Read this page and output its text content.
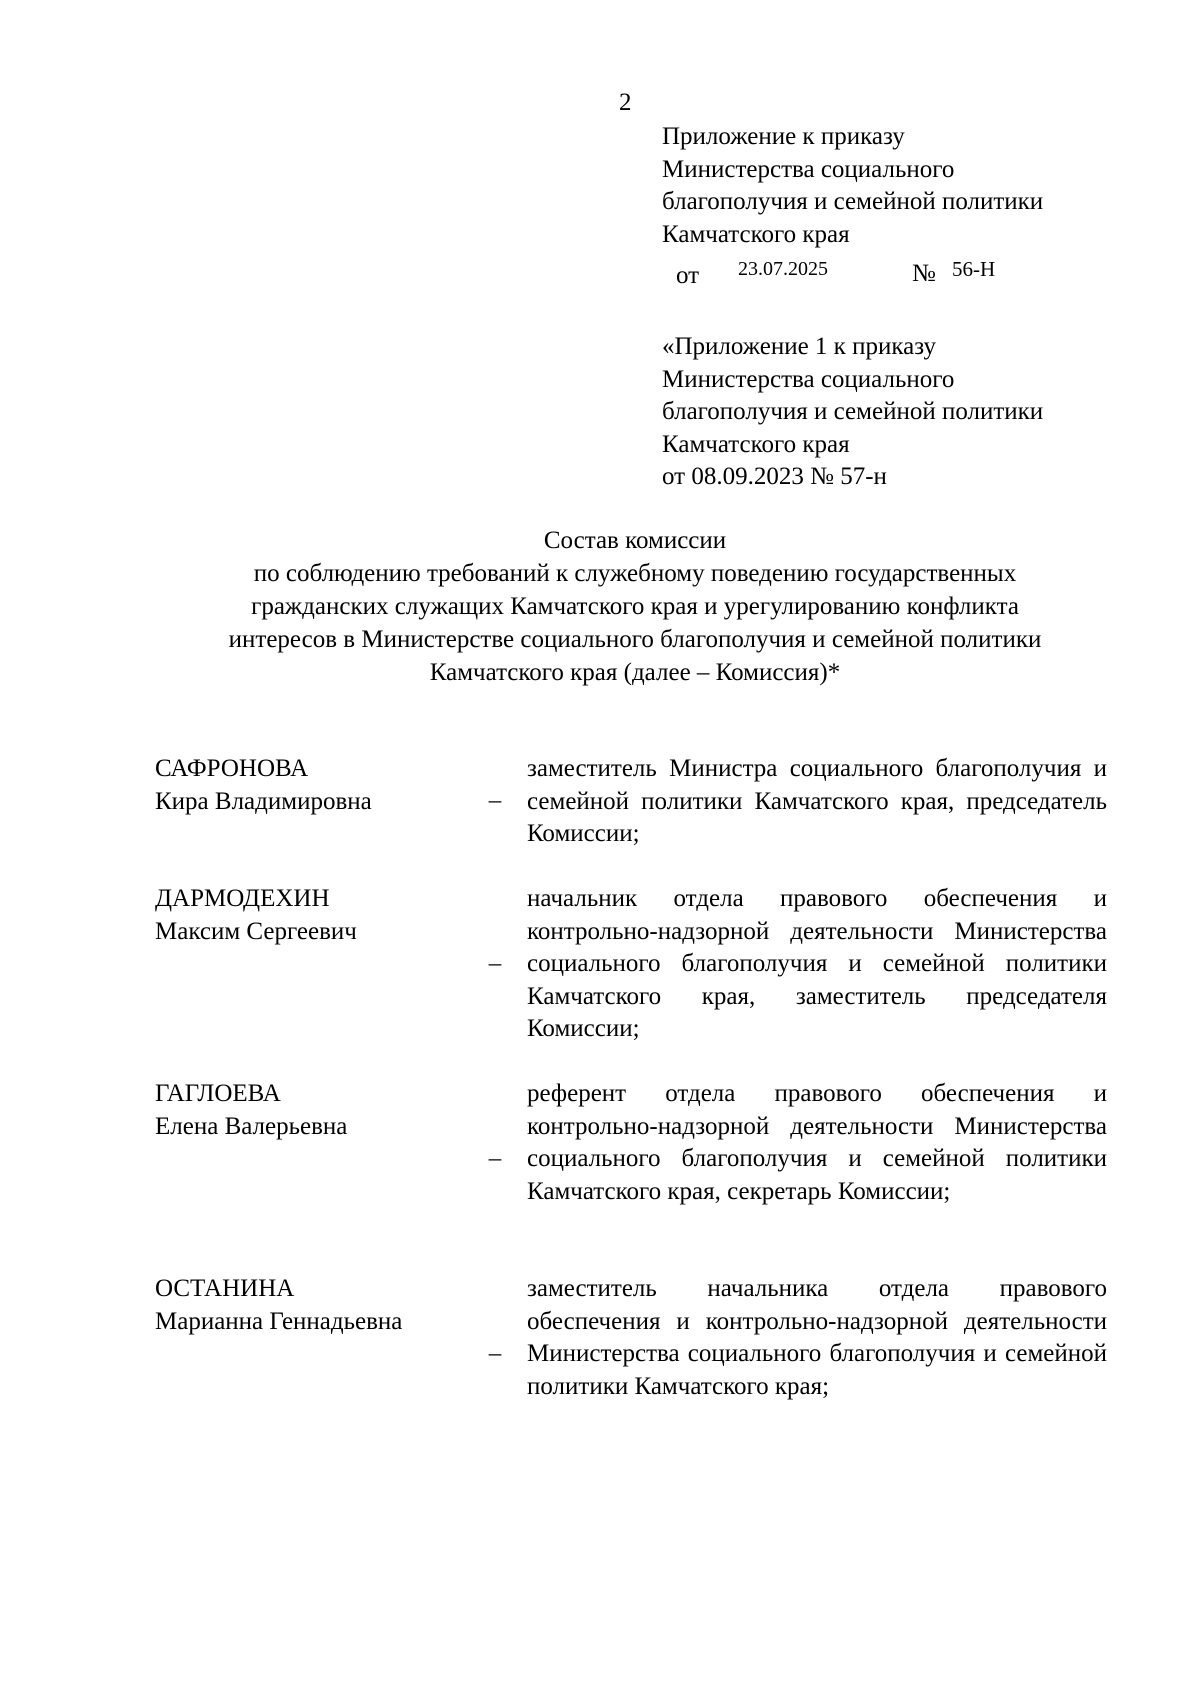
2
Приложение к приказу
Министерства социального
благополучия и семейной политики
Камчатского края
от 23.07.2025	№ 56-Н
«Приложение 1 к приказу
Министерства социального
благополучия и семейной политики
Камчатского края
от 08.09.2023 № 57-н
Состав комиссии
по соблюдению требований к служебному поведению государственных
гражданских служащих Камчатского края и урегулированию конфликта
интересов в Министерстве социального благополучия и семейной политики
Камчатского края (далее – Комиссия)*
САФРОНОВА
Кира Владимировна	–
заместитель Министра социального благополучия и семейной политики Камчатского края, председатель Комиссии;
ДАРМОДЕХИН
Максим Сергеевич
–
начальник отдела правового обеспечения и контрольно-надзорной деятельности Министерства социального благополучия и семейной политики Камчатского края, заместитель председателя Комиссии;
ГАГЛОЕВА
Елена Валерьевна
–
референт отдела правового обеспечения и контрольно-надзорной деятельности Министерства социального благополучия и семейной политики Камчатского края, секретарь Комиссии;
ОСТАНИНА
Марианна Геннадьевна
–
заместитель начальника отдела правового обеспечения и контрольно-надзорной деятельности Министерства социального благополучия и семейной политики Камчатского края;
